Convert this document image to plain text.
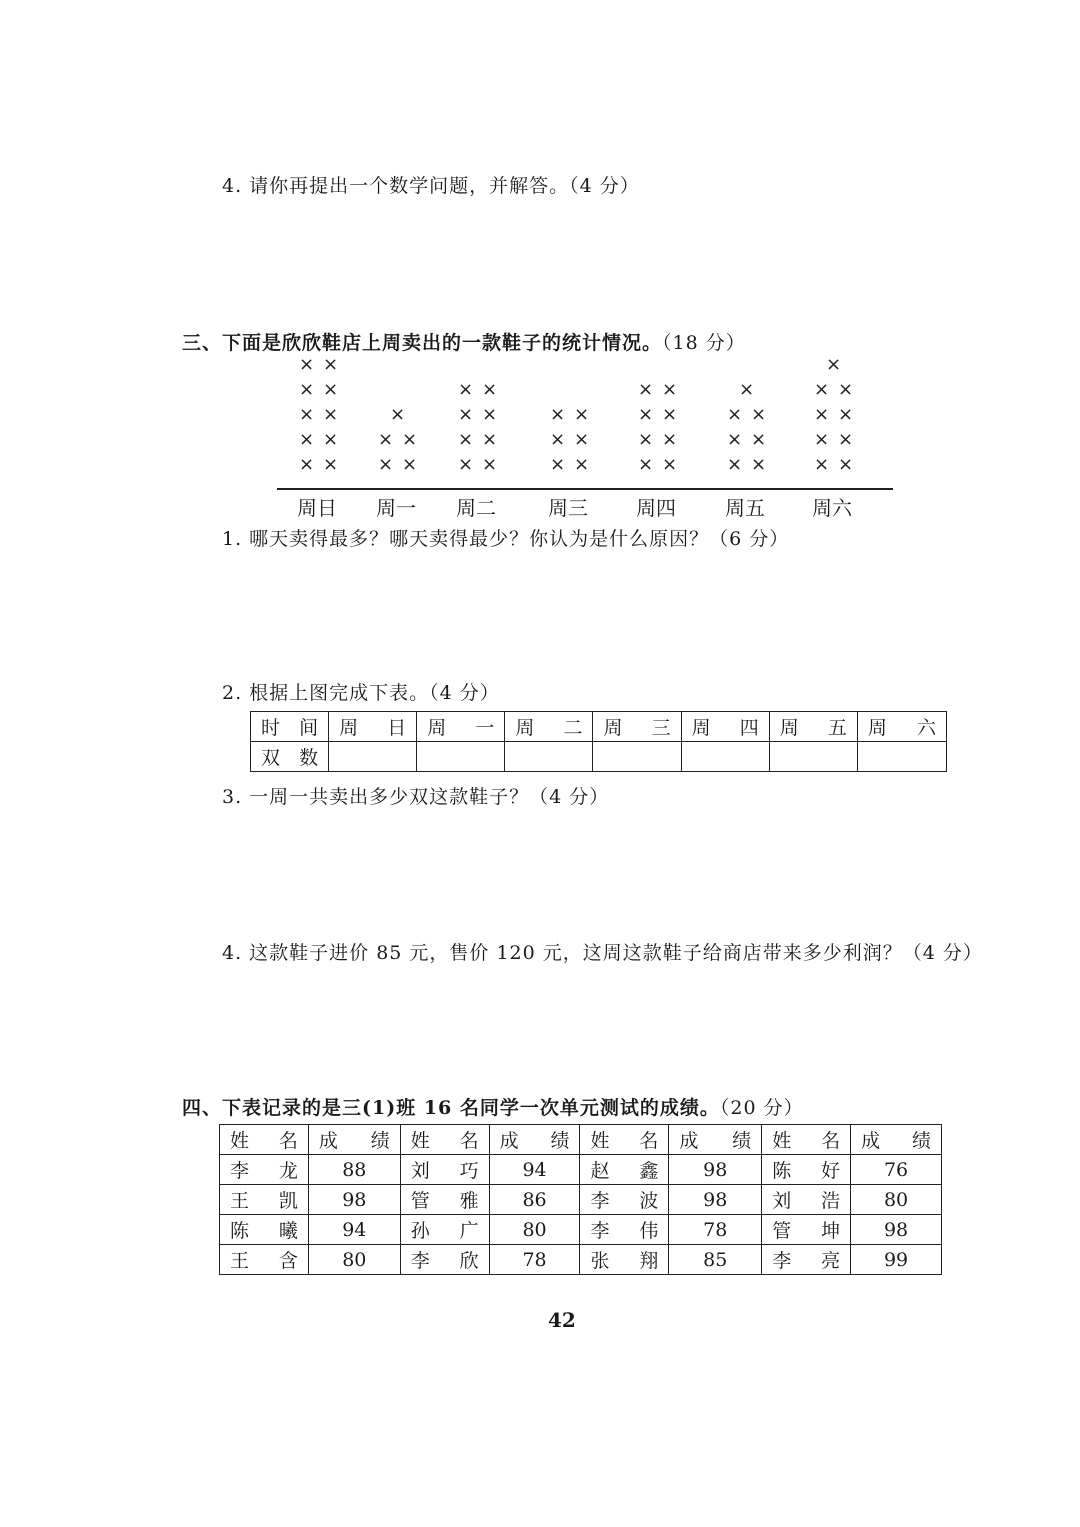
4. 请你再提出一个数学问题，并解答。（4 分）
三、下面是欣欣鞋店上周卖出的一款鞋子的统计情况。（18 分）
× ×
× ×
× ×
× ×
× ×
× ×
× ×
×
× ×
× ×
× ×
× ×
× ×
× ×
× ×
× ×
× ×
× ×
× ×
× ×
× ×
× ×
×
× ×
× ×
× ×
× ×
×
周日	周一	周二	周三	周四	周五	周六
1. 哪天卖得最多？哪天卖得最少？你认为是什么原因？（6 分）
2. 根据上图完成下表。（4 分）
时间	周日	周一	周二	周三	周四	周五	周六
双数							
3. 一周一共卖出多少双这款鞋子？（4 分）
4. 这款鞋子进价 85 元，售价 120 元，这周这款鞋子给商店带来多少利润？（4 分）
四、下表记录的是三(1)班 16 名同学一次单元测试的成绩。（20 分）
姓名	成绩	姓名	成绩	姓名	成绩	姓名	成绩
李龙	88	刘巧	94	赵鑫	98	陈好	76
王凯	98	管雅	86	李波	98	刘浩	80
陈曦	94	孙广	80	李伟	78	管坤	98
王含	80	李欣	78	张翔	85	李亮	99
42
